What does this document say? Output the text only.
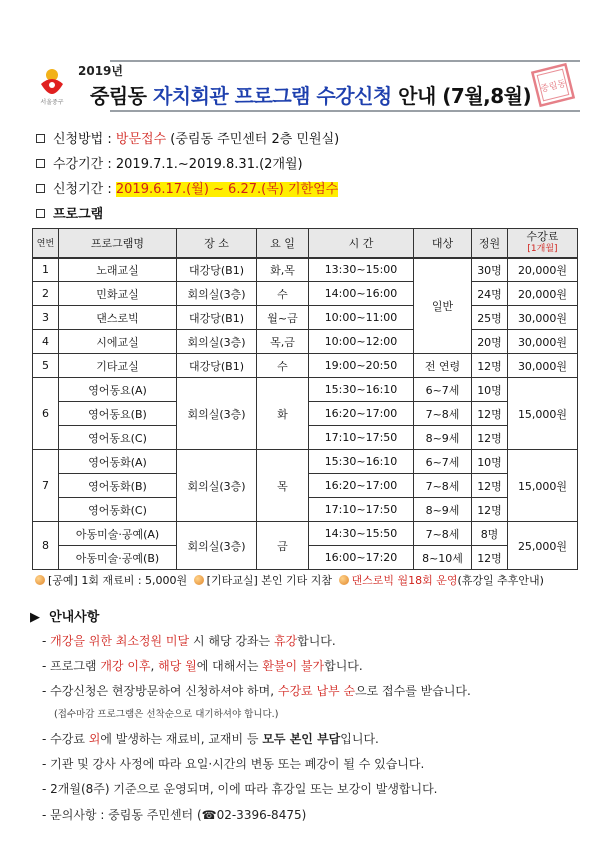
서울중구
2019년
중림동 자치회관 프로그램 수강신청 안내 (7월,8월) 중림동
신청방법 : 방문접수 (중림동 주민센터 2층 민원실)
수강기간 : 2019.7.1.~2019.8.31.(2개월)
신청기간 : 2019.6.17.(월) ~ 6.27.(목) 기한엄수
프로그램
연번	프로그램명	장 소	요 일	시 간	대상	정원	수강료
[1개월]

1	노래교실	대강당(B1)	화,목	13:30~15:00	일반	30명	20,000원
2	민화교실	회의실(3층)	수	14:00~16:00		24명	20,000원
3	댄스로빅	대강당(B1)	월~금	10:00~11:00		25명	30,000원
4	시에교실	회의실(3층)	목,금	10:00~12:00		20명	30,000원
5	기타교실	대강당(B1)	수	19:00~20:50	전 연령	12명	30,000원
6	영어동요(A)	회의실(3층)	화	15:30~16:10	6~7세	10명	15,000원
	영어동요(B)			16:20~17:00	7~8세	12명	
	영어동요(C)			17:10~17:50	8~9세	12명	
7	영어동화(A)	회의실(3층)	목	15:30~16:10	6~7세	10명	15,000원
	영어동화(B)			16:20~17:00	7~8세	12명	
	영어동화(C)			17:10~17:50	8~9세	12명	
8	아동미술·공예(A)	회의실(3층)	금	14:30~15:50	7~8세	8명	25,000원
	아동미술·공예(B)			16:00~17:20	8~10세	12명	
[공예] 1회 재료비 : 5,000원 [기타교실] 본인 기타 지참 댄스로빅 월18회 운영(휴강일 추후안내)
▶  안내사항
- 개강을 위한 최소정원 미달 시 해당 강좌는 휴강합니다.
- 프로그램 개강 이후, 해당 월에 대해서는 환불이 불가합니다.
- 수강신청은 현장방문하여 신청하셔야 하며, 수강료 납부 순으로 접수를 받습니다.
(접수마감 프로그램은 선착순으로 대기하셔야 합니다.)
- 수강료 외에 발생하는 재료비, 교재비 등 모두 본인 부담입니다.
- 기관 및 강사 사정에 따라 요일·시간의 변동 또는 폐강이 될 수 있습니다.
- 2개월(8주) 기준으로 운영되며, 이에 따라 휴강일 또는 보강이 발생합니다.
- 문의사항 : 중림동 주민센터 (☎02-3396-8475)
